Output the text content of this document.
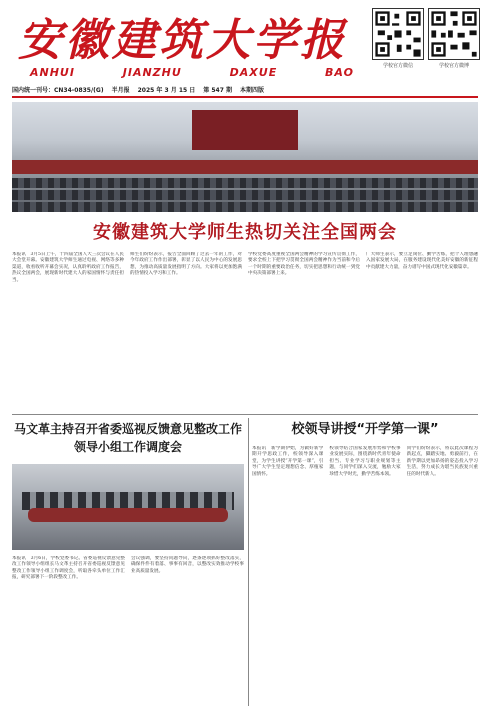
安徽建筑大学报
ANHUI	JIANZHU	DAXUE	BAO	学校官方微信	学校官方微博
国内统一刊号：CN34-0835/(G) 半月报 2025 年 3 月 15 日 第 547 期 本期四版
安徽建筑大学师生热切关注全国两会

本报讯　3月5日上午，十四届全国人大三次会议在人民大会堂开幕。安徽建筑大学师生通过电视、网络等多种渠道，收看收听开幕会实况，认真聆听政府工作报告，热议全国两会，展现新时代建大人的家国情怀与责任担当。

师生们纷纷表示，报告全面回顾了过去一年的工作，对今年政府工作作出部署，彰显了以人民为中心的发展思想，为推动高质量发展指明了方向。大家将以更加饱满的热情投入学习和工作。

学校党委高度重视全国两会精神的学习宣传贯彻工作，要求全校上下把学习贯彻全国两会精神作为当前和今后一个时期的重要政治任务，切实把思想和行动统一到党中央决策部署上来。

广大师生表示，要立足岗位、勤学苦练，把个人理想融入国家发展大局，在服务建设现代化美好安徽的新征程中贡献建大力量，奋力谱写中国式现代化安徽篇章。

马文革主持召开省委巡视反馈意见整改工作领导小组工作调度会

本报讯　3月6日，学校党委书记、省委巡视反馈意见整改工作领导小组组长马文革主持召开省委巡视反馈意见整改工作领导小组工作调度会，听取各牵头单位工作汇报，研究部署下一阶段整改工作。

会议强调，要坚持问题导向，逐条逐项抓好整改落实，确保件件有着落、事事有回音，以整改实效推动学校事业高质量发展。

校领导讲授“开学第一课”

本报讯　新学期伊始，为做好新学期开学思政工作，校领导深入课堂，为学生讲授“开学第一课”，引导广大学生坚定理想信念、厚植家国情怀。

校领导结合国家发展形势和学校事业发展实际，围绕新时代青年使命担当、专业学习与职业规划等主题，与同学们深入交流，勉励大家珍惜大学时光，勤学苦练本领。

同学们纷纷表示，将以此次课程为新起点，脚踏实地、勇毅前行，在新学期以更加昂扬的姿态投入学习生活，努力成长为堪当民族复兴重任的时代新人。
